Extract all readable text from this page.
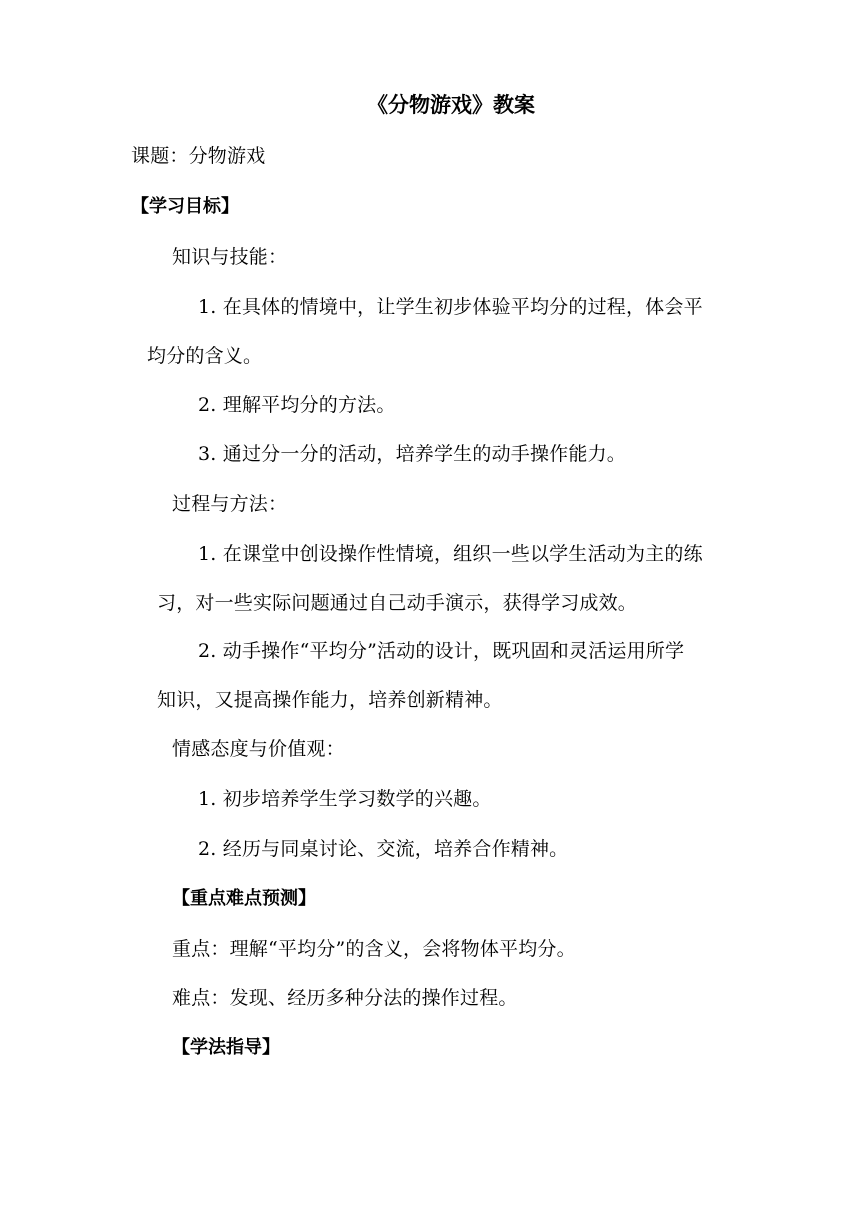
《分物游戏》教案
课题：分物游戏
【学习目标】
知识与技能：
1. 在具体的情境中，让学生初步体验平均分的过程，体会平
均分的含义。
2. 理解平均分的方法。
3. 通过分一分的活动，培养学生的动手操作能力。
过程与方法：
1. 在课堂中创设操作性情境，组织一些以学生活动为主的练
习，对一些实际问题通过自己动手演示，获得学习成效。
2. 动手操作“平均分”活动的设计，既巩固和灵活运用所学
知识，又提高操作能力，培养创新精神。
情感态度与价值观：
1. 初步培养学生学习数学的兴趣。
2. 经历与同桌讨论、交流，培养合作精神。
【重点难点预测】
重点：理解“平均分”的含义，会将物体平均分。
难点：发现、经历多种分法的操作过程。
【学法指导】
